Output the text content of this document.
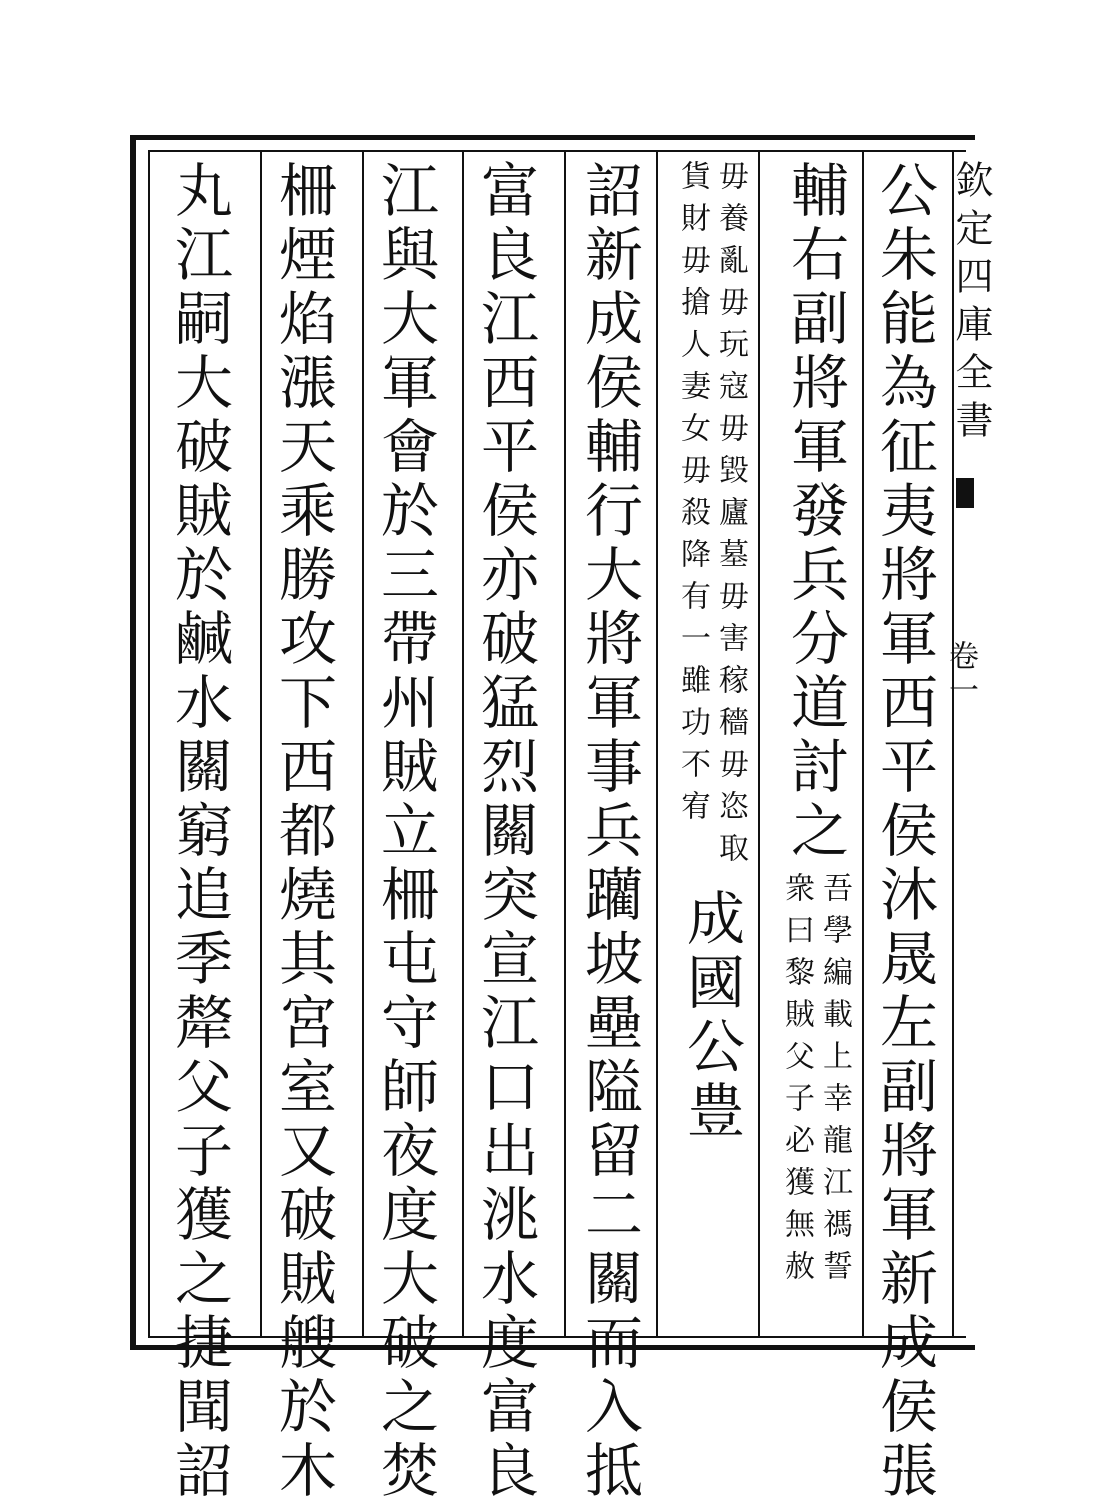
欽定四庫全書
卷一
公朱能為征夷將軍西平侯沐晟左副將軍新成侯張
輔右副將軍發兵分道討之
吾學編載上幸龍江禡誓
衆曰黎賊父子必獲無赦
毋養亂毋玩寇毋毀廬墓毋害稼穡毋恣取
貨財毋搶人妻女毋殺降有一雖功不宥
成國公豊
詔新成侯輔行大將軍事兵躪坡壘隘留二關而入抵
富良江西平侯亦破猛烈關突宣江口出洮水度富良
江與大軍會於三帶州賊立柵屯守師夜度大破之焚
柵煙焰漲天乘勝攻下西都燒其宮室又破賊艘於木
丸江嗣大破賊於鹹水關窮追季犛父子獲之捷聞詔
